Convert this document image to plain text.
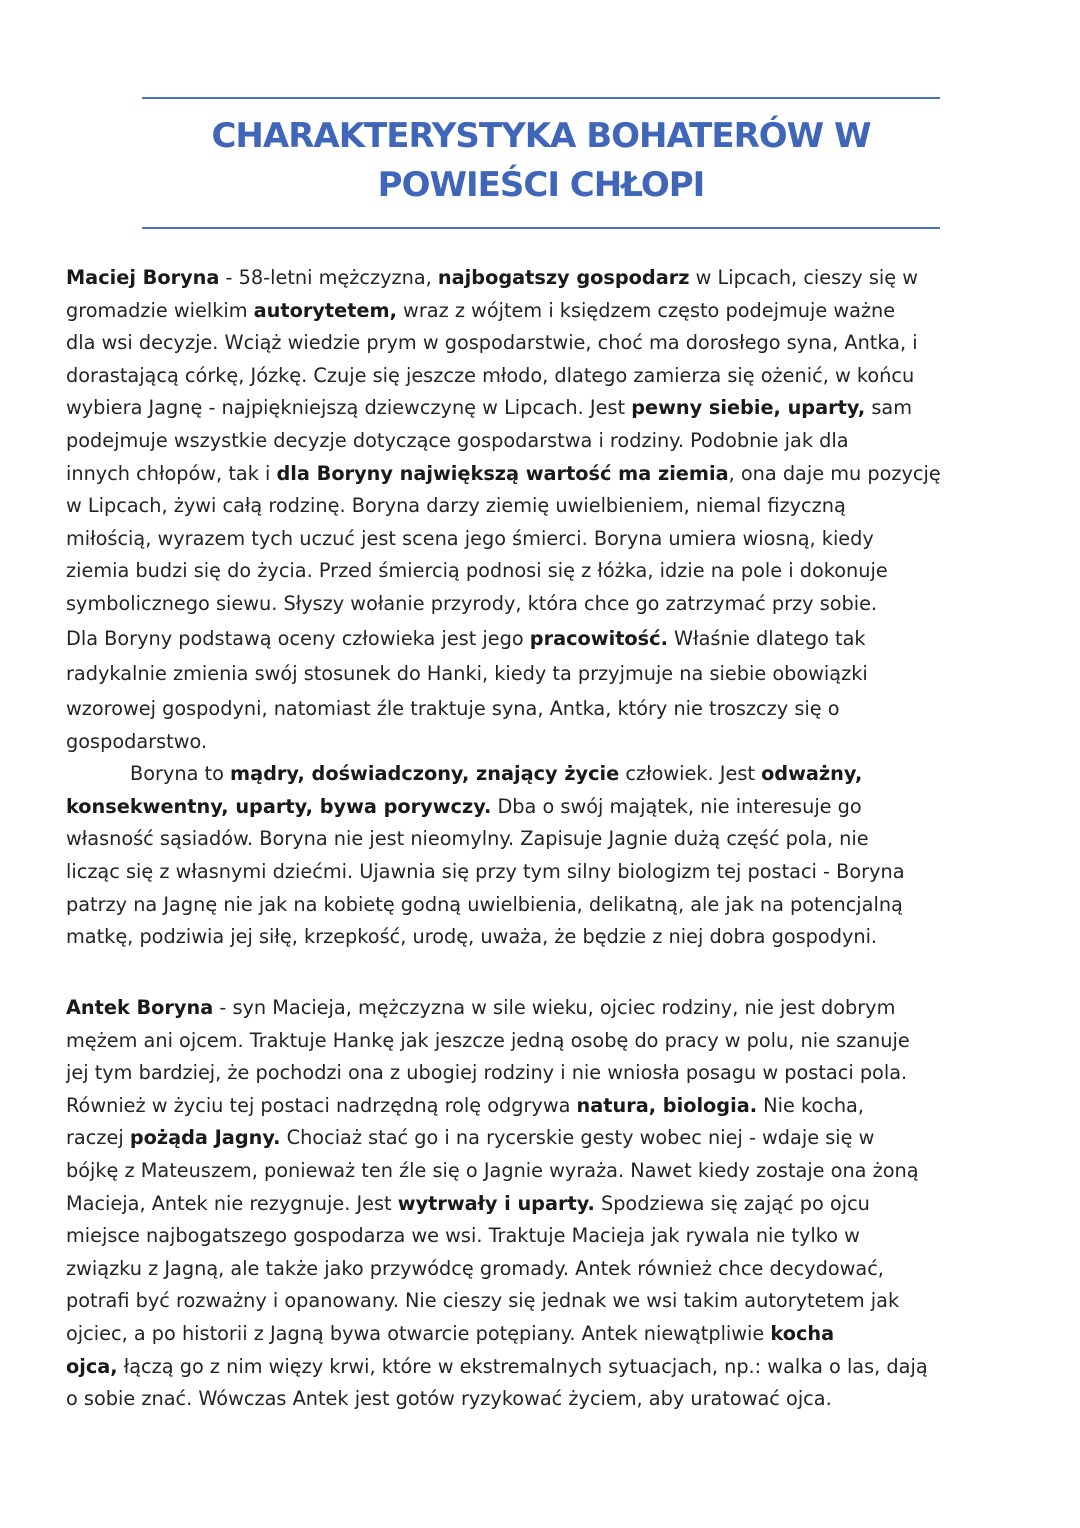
CHARAKTERYSTYKA BOHATERÓW W
POWIEŚCI CHŁOPI
Maciej Boryna - 58-letni mężczyzna, najbogatszy gospodarz w Lipcach, cieszy się w
gromadzie wielkim autorytetem, wraz z wójtem i księdzem często podejmuje ważne
dla wsi decyzje. Wciąż wiedzie prym w gospodarstwie, choć ma dorosłego syna, Antka, i
dorastającą córkę, Józkę. Czuje się jeszcze młodo, dlatego zamierza się ożenić, w końcu
wybiera Jagnę - najpiękniejszą dziewczynę w Lipcach. Jest pewny siebie, uparty, sam
podejmuje wszystkie decyzje dotyczące gospodarstwa i rodziny. Podobnie jak dla
innych chłopów, tak i dla Boryny największą wartość ma ziemia, ona daje mu pozycję
w Lipcach, żywi całą rodzinę. Boryna darzy ziemię uwielbieniem, niemal fizyczną
miłością, wyrazem tych uczuć jest scena jego śmierci. Boryna umiera wiosną, kiedy
ziemia budzi się do życia. Przed śmiercią podnosi się z łóżka, idzie na pole i dokonuje
symbolicznego siewu. Słyszy wołanie przyrody, która chce go zatrzymać przy sobie.
Dla Boryny podstawą oceny człowieka jest jego pracowitość. Właśnie dlatego tak
radykalnie zmienia swój stosunek do Hanki, kiedy ta przyjmuje na siebie obowiązki
wzorowej gospodyni, natomiast źle traktuje syna, Antka, który nie troszczy się o
gospodarstwo.
Boryna to mądry, doświadczony, znający życie człowiek. Jest odważny,
konsekwentny, uparty, bywa porywczy. Dba o swój majątek, nie interesuje go
własność sąsiadów. Boryna nie jest nieomylny. Zapisuje Jagnie dużą część pola, nie
licząc się z własnymi dziećmi. Ujawnia się przy tym silny biologizm tej postaci - Boryna
patrzy na Jagnę nie jak na kobietę godną uwielbienia, delikatną, ale jak na potencjalną
matkę, podziwia jej siłę, krzepkość, urodę, uważa, że będzie z niej dobra gospodyni.
Antek Boryna - syn Macieja, mężczyzna w sile wieku, ojciec rodziny, nie jest dobrym
mężem ani ojcem. Traktuje Hankę jak jeszcze jedną osobę do pracy w polu, nie szanuje
jej tym bardziej, że pochodzi ona z ubogiej rodziny i nie wniosła posagu w postaci pola.
Również w życiu tej postaci nadrzędną rolę odgrywa natura, biologia. Nie kocha,
raczej pożąda Jagny. Chociaż stać go i na rycerskie gesty wobec niej - wdaje się w
bójkę z Mateuszem, ponieważ ten źle się o Jagnie wyraża. Nawet kiedy zostaje ona żoną
Macieja, Antek nie rezygnuje. Jest wytrwały i uparty. Spodziewa się zająć po ojcu
miejsce najbogatszego gospodarza we wsi. Traktuje Macieja jak rywala nie tylko w
związku z Jagną, ale także jako przywódcę gromady. Antek również chce decydować,
potrafi być rozważny i opanowany. Nie cieszy się jednak we wsi takim autorytetem jak
ojciec, a po historii z Jagną bywa otwarcie potępiany. Antek niewątpliwie kocha
ojca, łączą go z nim więzy krwi, które w ekstremalnych sytuacjach, np.: walka o las, dają
o sobie znać. Wówczas Antek jest gotów ryzykować życiem, aby uratować ojca.
